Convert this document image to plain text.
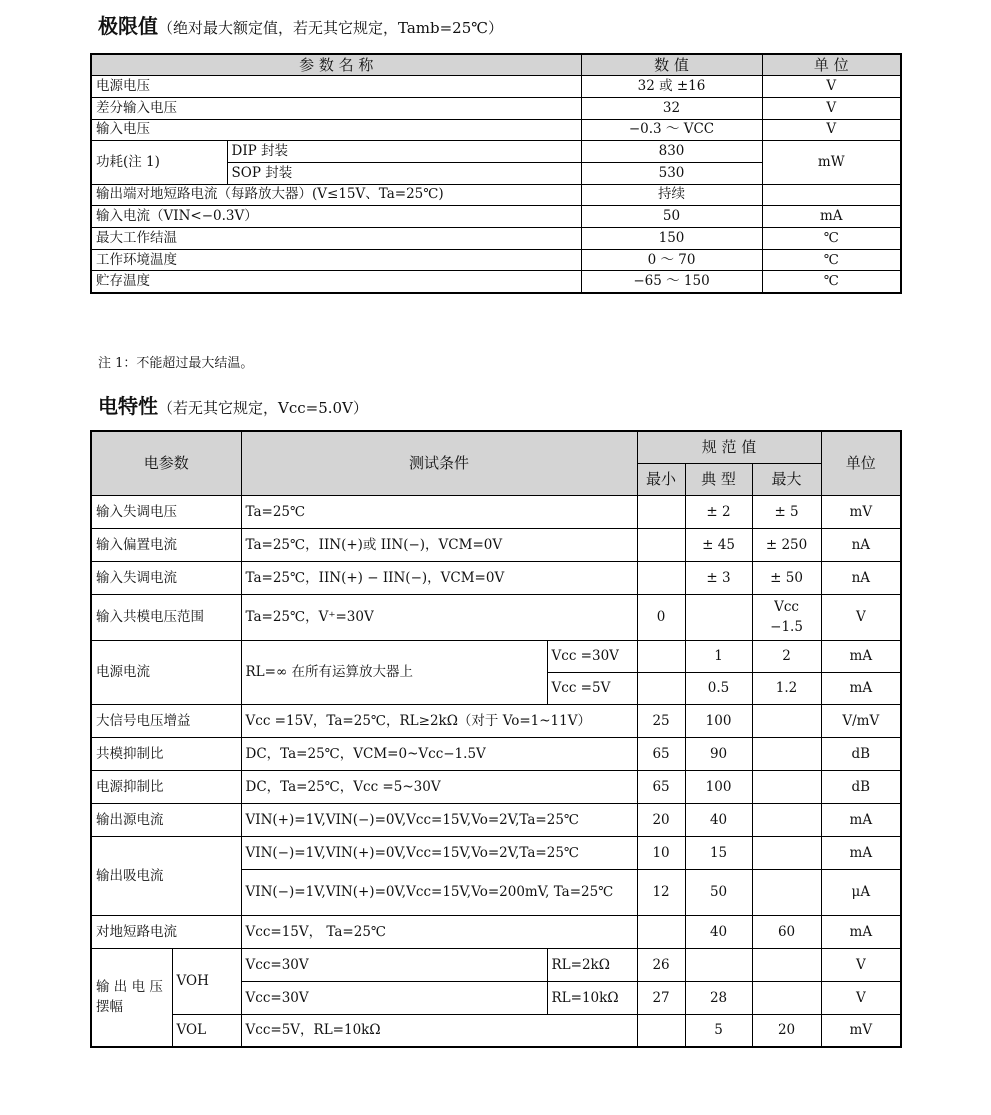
极限值（绝对最大额定值，若无其它规定，Tamb=25℃）
参 数 名 称		数 值	单 位
电源电压		32 或 ±16	V
差分输入电压		32	V
输入电压		−0.3 ～ VCC	V
功耗(注 1)	DIP 封装	830	mW
	SOP 封装	530	
输出端对地短路电流（每路放大器）(V≤15V、Ta=25℃)		持续	
输入电流（VIN<−0.3V）		50	mA
最大工作结温		150	℃
工作环境温度		0 ～ 70	℃
贮存温度		−65 ～ 150	℃
注 1：不能超过最大结温。
电特性（若无其它规定，Vcc=5.0V）
电参数		测试条件		规 范 值			单位
				最小	典 型	最大	
输入失调电压		Ta=25℃			± 2	± 5	mV
输入偏置电流		Ta=25℃，IIN(+)或 IIN(−)，VCM=0V			± 45	± 250	nA
输入失调电流		Ta=25℃，IIN(+) − IIN(−)，VCM=0V			± 3	± 50	nA
输入共模电压范围		Ta=25℃，V⁺=30V		0		Vcc −1.5	V
电源电流		RL=∞ 在所有运算放大器上	Vcc =30V		1	2	mA
			Vcc =5V		0.5	1.2	mA
大信号电压增益		Vcc =15V，Ta=25℃，RL≥2kΩ（对于 Vo=1~11V）		25	100		V/mV
共模抑制比		DC，Ta=25℃，VCM=0~Vcc−1.5V		65	90		dB
电源抑制比		DC，Ta=25℃，Vcc =5~30V		65	100		dB
输出源电流		VIN(+)=1V,VIN(−)=0V,Vcc=15V,Vo=2V,Ta=25℃		20	40		mA
输出吸电流		VIN(−)=1V,VIN(+)=0V,Vcc=15V,Vo=2V,Ta=25℃		10	15		mA
		VIN(−)=1V,VIN(+)=0V,Vcc=15V,Vo=200mV, Ta=25℃		12	50		μA
对地短路电流		Vcc=15V， Ta=25℃			40	60	mA
输 出 电 压摆幅	VOH	Vcc=30V	RL=2kΩ	26			V
		Vcc=30V	RL=10kΩ	27	28		V
	VOL	Vcc=5V，RL=10kΩ			5	20	mV
